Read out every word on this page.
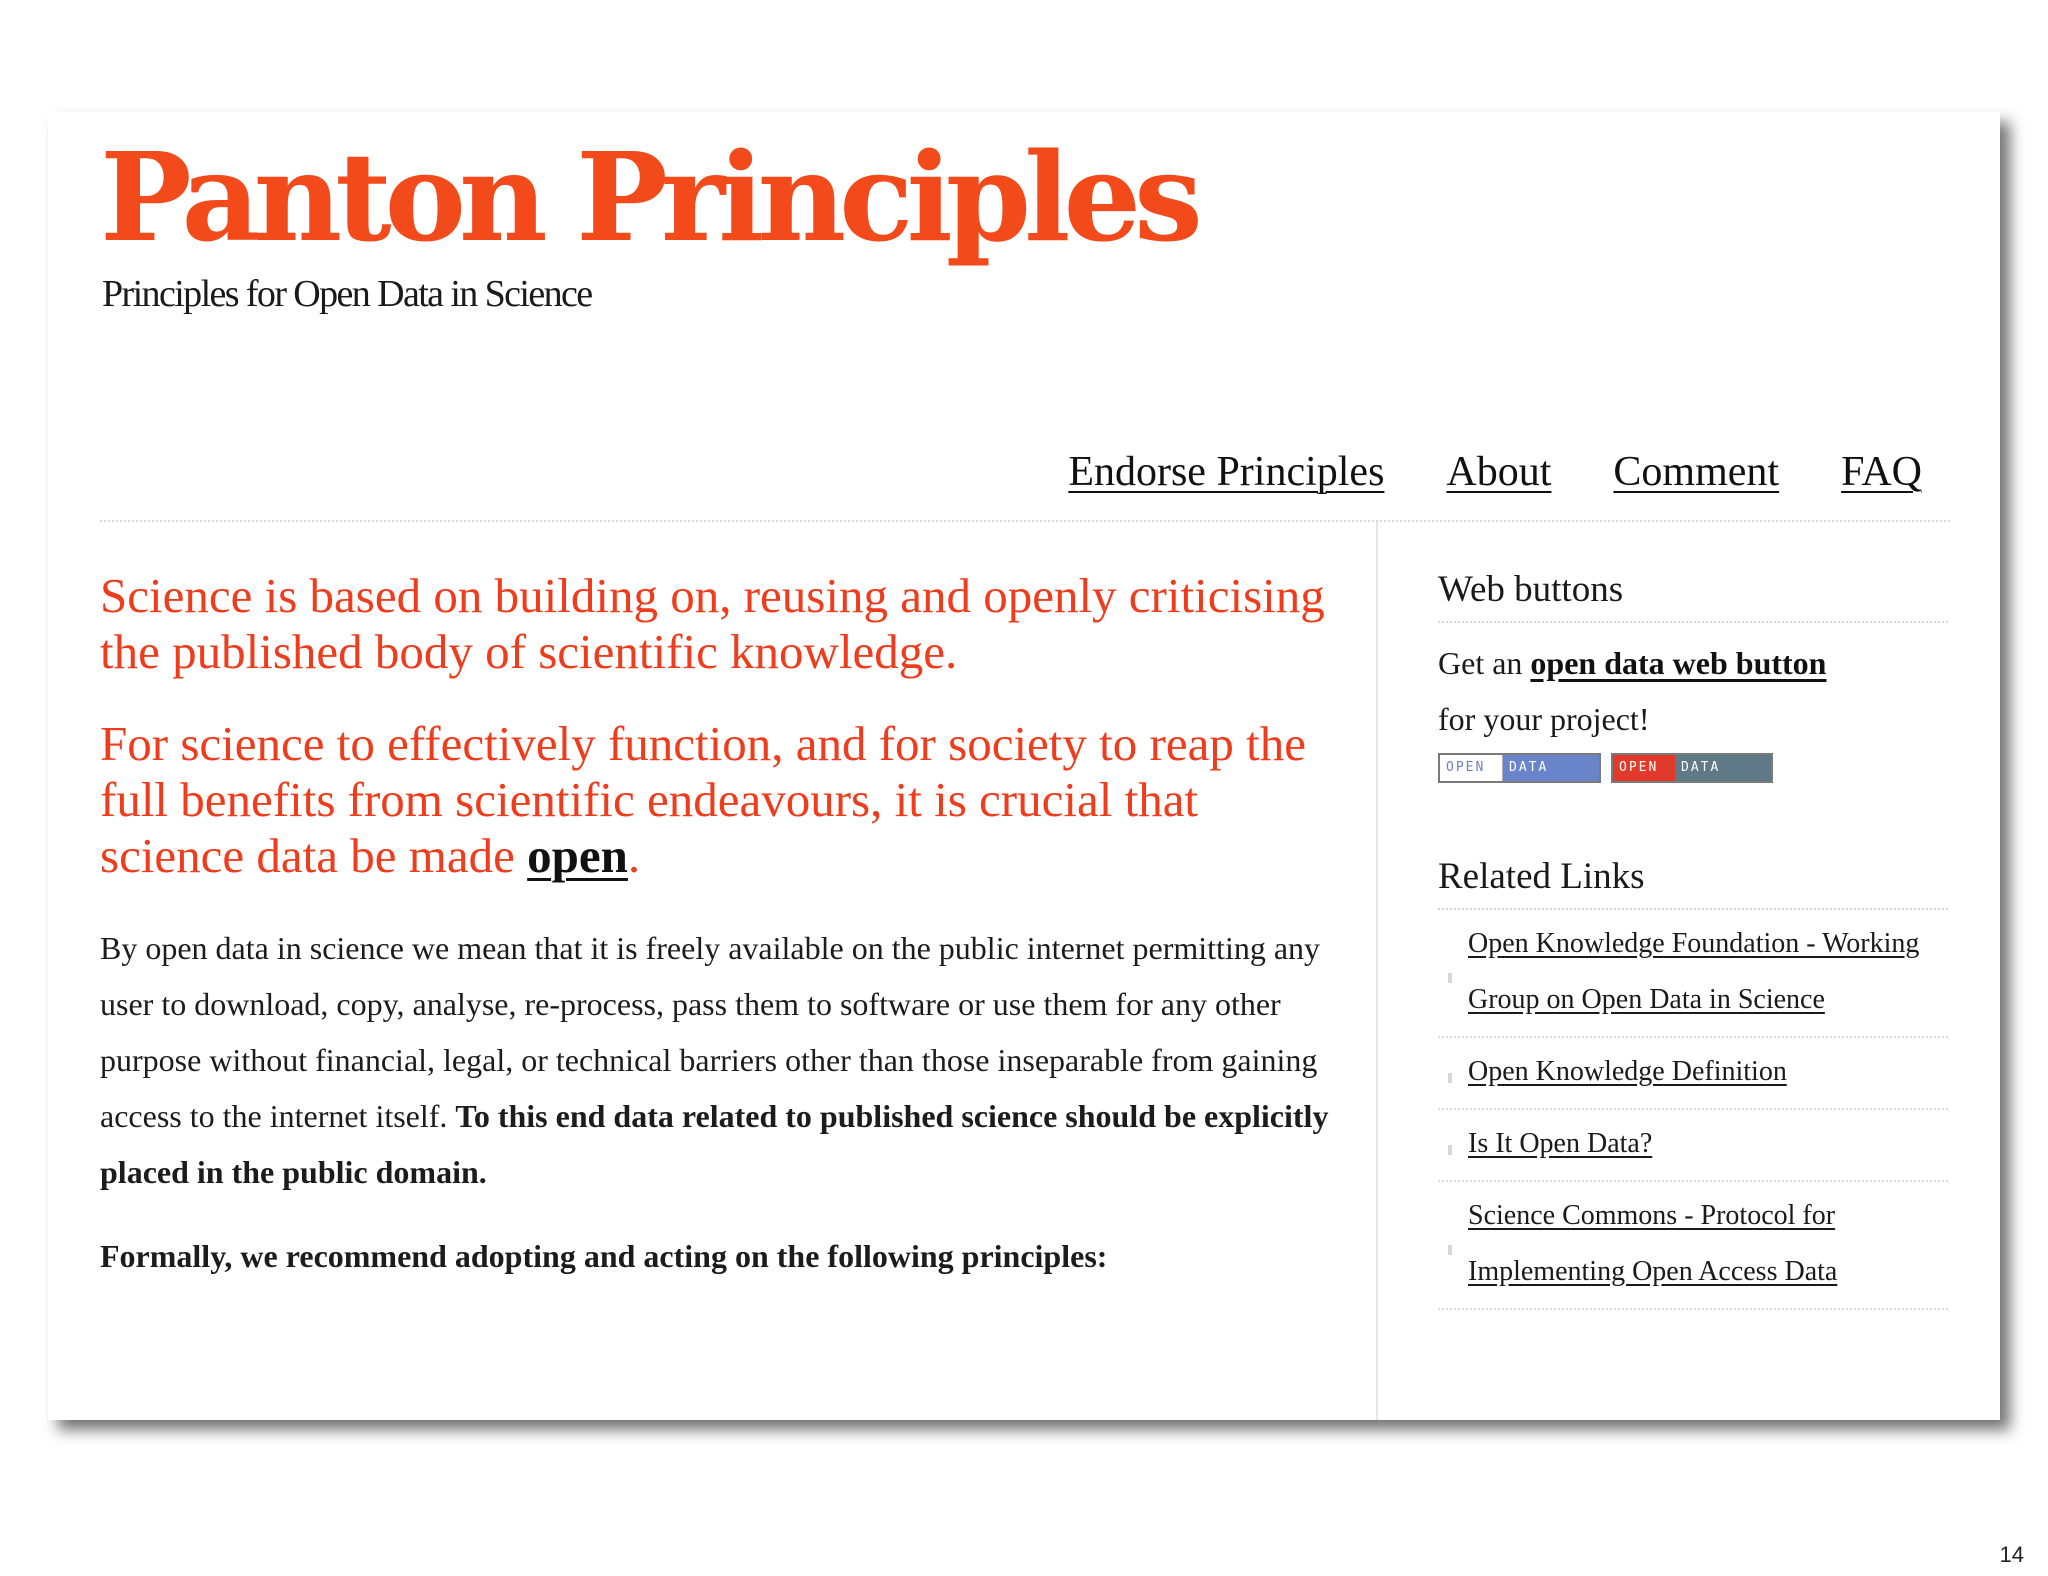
Panton Principles

Principles for Open Data in Science

Endorse Principles About Comment FAQ

Science is based on building on, reusing and openly criticising the published body of scientific knowledge.

For science to effectively function, and for society to reap the full benefits from scientific endeavours, it is crucial that science data be made open.

By open data in science we mean that it is freely available on the public internet permitting any user to download, copy, analyse, re-process, pass them to software or use them for any other purpose without financial, legal, or technical barriers other than those inseparable from gaining access to the internet itself. To this end data related to published science should be explicitly placed in the public domain.

Formally, we recommend adopting and acting on the following principles:

Web buttons

Get an open data web button
for your project!

OPEN	DATA	OPEN	DATA
Related Links
Open Knowledge Foundation - Working Group on Open Data in Science
Open Knowledge Definition
Is It Open Data?
Science Commons - Protocol for Implementing Open Access Data
14
